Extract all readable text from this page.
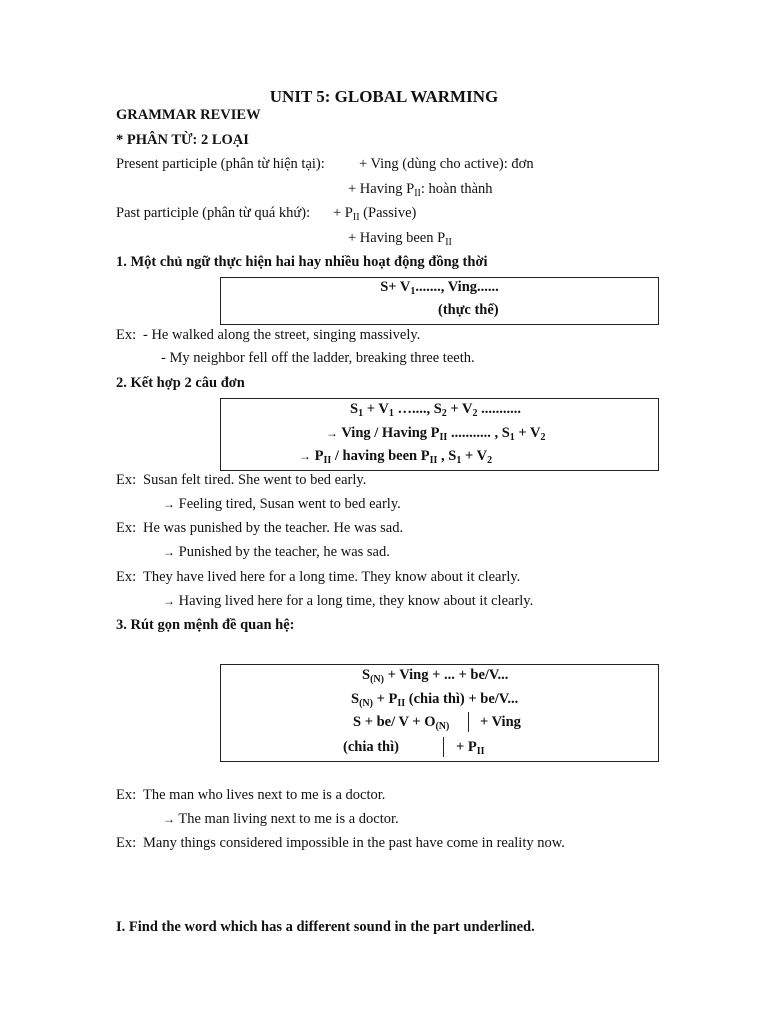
UNIT 5: GLOBAL WARMING
GRAMMAR REVIEW
* PHÂN TỪ: 2 LOẠI
Present participle (phân từ hiện tại): + Ving (dùng cho active): đơn
+ Having $P_{II}$: hoàn thành
Past participle (phân từ quá khứ): + $P_{II}$ (Passive)
+ Having been $P_{II}$
1. Một chủ ngữ thực hiện hai hay nhiều hoạt động đồng thời
$S+ V_1$......., Ving......
(thực thể)
Ex: - He walked along the street, singing massively.
- My neighbor fell off the ladder, breaking three teeth.
2. Kết hợp 2 câu đơn
$S_1 + V_1$ …...., $S_2 + V_2$ ...........
→ Ving / Having $P_{II}$ ........... , $S_1 + V_2$
→ $P_{II}$ / having been $P_{II}$ , $S_1 + V_2$
Ex: Susan felt tired. She went to bed early.
→ Feeling tired, Susan went to bed early.
Ex: He was punished by the teacher. He was sad.
→ Punished by the teacher, he was sad.
Ex: They have lived here for a long time. They know about it clearly.
→ Having lived here for a long time, they know about it clearly.
3. Rút gọn mệnh đề quan hệ:
$S_{(N)}$ + Ving + ... + be/V...
$S_{(N)} + P_{II}$ (chia thì) + be/V...
S + be/ $V + O_{(N)}$ + Ving
(chia thì)	+ $P_{II}$
Ex: The man who lives next to me is a doctor.
→ The man living next to me is a doctor.
Ex: Many things considered impossible in the past have come in reality now.
I. Find the word which has a different sound in the part underlined.
